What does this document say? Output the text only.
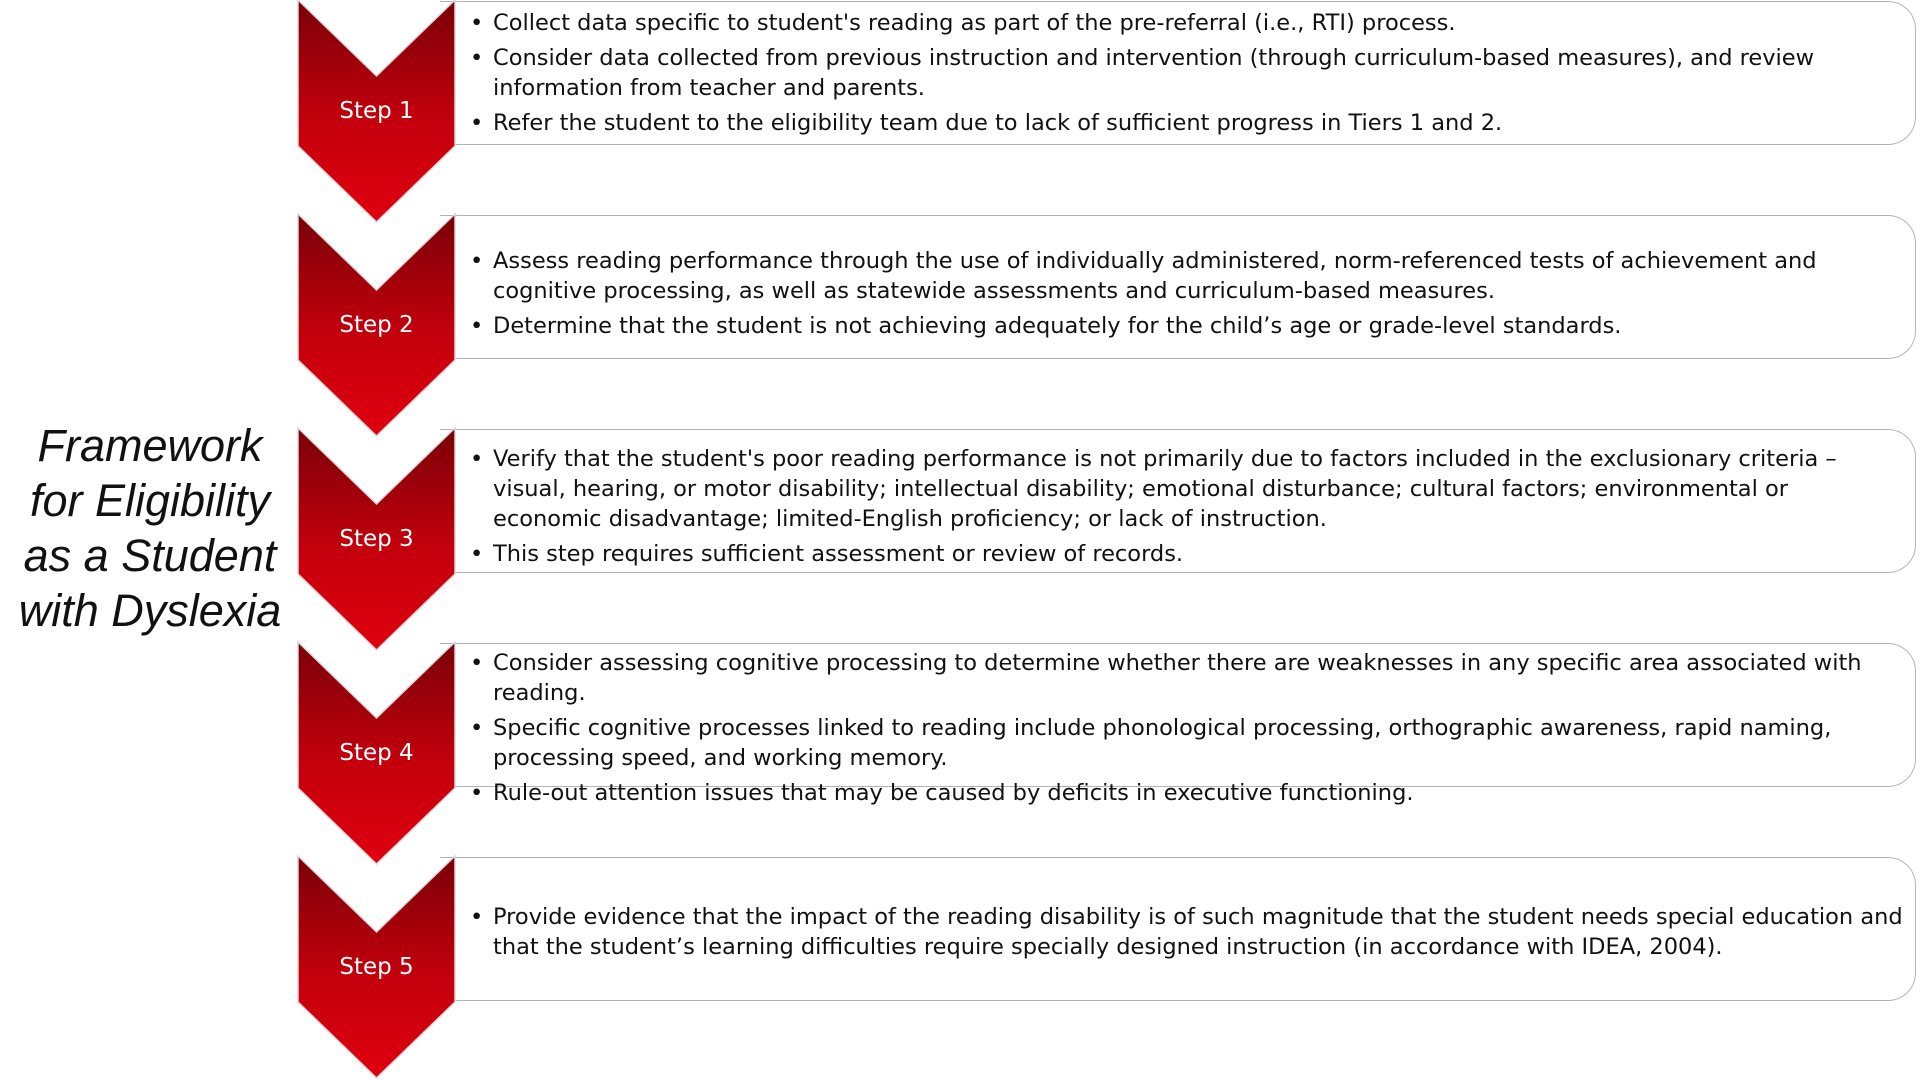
Framework
for Eligibility
as a Student
with Dyslexia
• Collect data specific to student's reading as part of the pre-referral (i.e., RTI) process.
• Consider data collected from previous instruction and intervention (through curriculum-based measures), and review information from teacher and parents.
• Refer the student to the eligibility team due to lack of sufficient progress in Tiers 1 and 2.
• Assess reading performance through the use of individually administered, norm-referenced tests of achievement and cognitive processing, as well as statewide assessments and curriculum-based measures.
• Determine that the student is not achieving adequately for the child’s age or grade-level standards.
• Verify that the student's poor reading performance is not primarily due to factors included in the exclusionary criteria – visual, hearing, or motor disability; intellectual disability; emotional disturbance; cultural factors; environmental or economic disadvantage; limited-English proficiency; or lack of instruction.
• This step requires sufficient assessment or review of records.
• Consider assessing cognitive processing to determine whether there are weaknesses in any specific area associated with reading.
• Specific cognitive processes linked to reading include phonological processing, orthographic awareness, rapid naming, processing speed, and working memory.
• Rule-out attention issues that may be caused by deficits in executive functioning.
• Provide evidence that the impact of the reading disability is of such magnitude that the student needs special education and that the student’s learning difficulties require specially designed instruction (in accordance with IDEA, 2004).
Step 1
Step 2
Step 3
Step 4
Step 5
